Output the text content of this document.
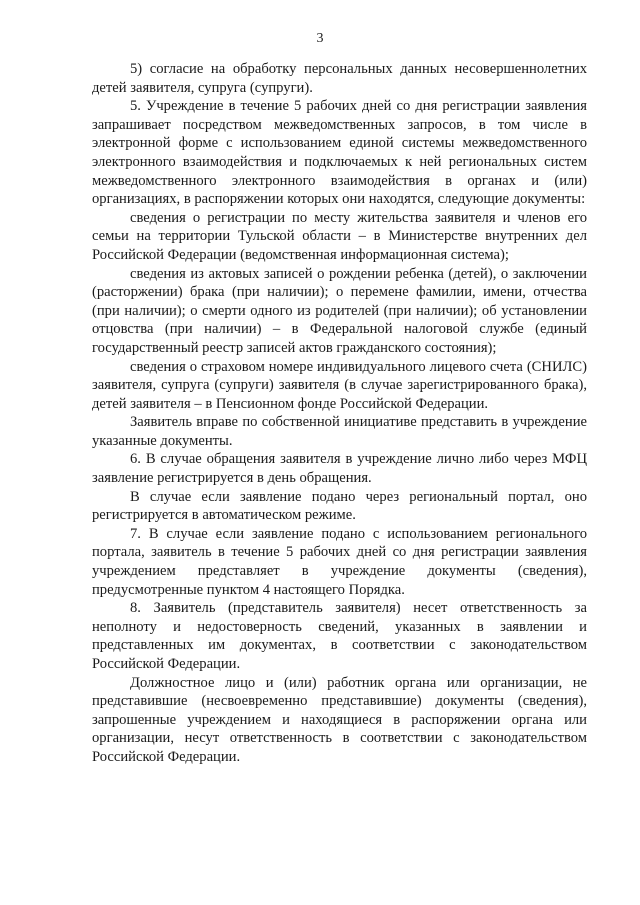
3

5) согласие на обработку персональных данных несовершеннолетних детей заявителя, супруга (супруги).

5. Учреждение в течение 5 рабочих дней со дня регистрации заявления запрашивает посредством межведомственных запросов, в том числе в электронной форме с использованием единой системы межведомственного электронного взаимодействия и подключаемых к ней региональных систем межведомственного электронного взаимодействия в органах и (или) организациях, в распоряжении которых они находятся, следующие документы:

сведения о регистрации по месту жительства заявителя и членов его семьи на территории Тульской области – в Министерстве внутренних дел Российской Федерации (ведомственная информационная система);

сведения из актовых записей о рождении ребенка (детей), о заключении (расторжении) брака (при наличии); о перемене фамилии, имени, отчества (при наличии); о смерти одного из родителей (при наличии); об установлении отцовства (при наличии) – в Федеральной налоговой службе (единый государственный реестр записей актов гражданского состояния);

сведения о страховом номере индивидуального лицевого счета (СНИЛС) заявителя, супруга (супруги) заявителя (в случае зарегистрированного брака), детей заявителя – в Пенсионном фонде Российской Федерации.

Заявитель вправе по собственной инициативе представить в учреждение указанные документы.

6. В случае обращения заявителя в учреждение лично либо через МФЦ заявление регистрируется в день обращения.

В случае если заявление подано через региональный портал, оно регистрируется в автоматическом режиме.

7. В случае если заявление подано с использованием регионального портала, заявитель в течение 5 рабочих дней со дня регистрации заявления учреждением представляет в учреждение документы (сведения), предусмотренные пунктом 4 настоящего Порядка.

8. Заявитель (представитель заявителя) несет ответственность за неполноту и недостоверность сведений, указанных в заявлении и представленных им документах, в соответствии с законодательством Российской Федерации.

Должностное лицо и (или) работник органа или организации, не представившие (несвоевременно представившие) документы (сведения), запрошенные учреждением и находящиеся в распоряжении органа или организации, несут ответственность в соответствии с законодательством Российской Федерации.
